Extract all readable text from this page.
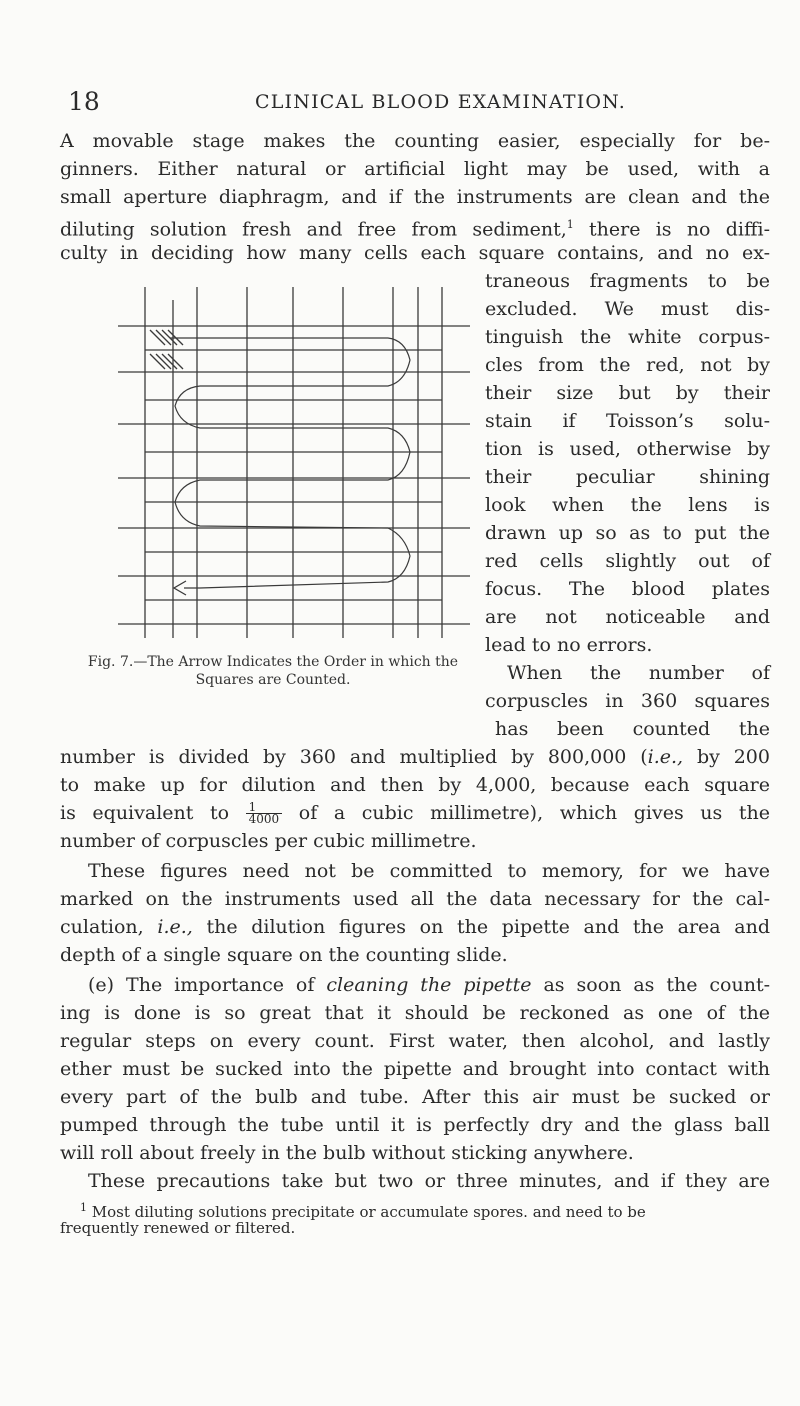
18	CLINICAL BLOOD EXAMINATION.
A movable stage makes the counting easier, especially for be-
ginners. Either natural or artificial light may be used, with a
small aperture diaphragm, and if the instruments are clean and the
diluting solution fresh and free from sediment,$^1$ there is no diffi-
culty in deciding how many cells each square contains, and no ex-
Fig. 7.—The Arrow Indicates the Order in which the
Squares are Counted.
traneous fragments to be
excluded. We must dis-
tinguish the white corpus-
cles from the red, not by
their size but by their
stain if Toisson’s solu-
tion is used, otherwise by
their peculiar shining
look when the lens is
drawn up so as to put the
red cells slightly out of
focus. The blood plates
are not noticeable and
lead to no errors.
When the number of
corpuscles in 360 squares
has been counted the
number is divided by 360 and multiplied by 800,000 (i.e., by 200
to make up for dilution and then by 4,000, because each square
is equivalent to $\frac{1}{4000}$ of a cubic millimetre), which gives us the
number of corpuscles per cubic millimetre.
These figures need not be committed to memory, for we have
marked on the instruments used all the data necessary for the cal-
culation, i.e., the dilution figures on the pipette and the area and
depth of a single square on the counting slide.
(e) The importance of cleaning the pipette as soon as the count-
ing is done is so great that it should be reckoned as one of the
regular steps on every count. First water, then alcohol, and lastly
ether must be sucked into the pipette and brought into contact with
every part of the bulb and tube. After this air must be sucked or
pumped through the tube until it is perfectly dry and the glass ball
will roll about freely in the bulb without sticking anywhere.
These precautions take but two or three minutes, and if they are
$^1$ Most diluting solutions precipitate or accumulate spores. and need to be
frequently renewed or filtered.
